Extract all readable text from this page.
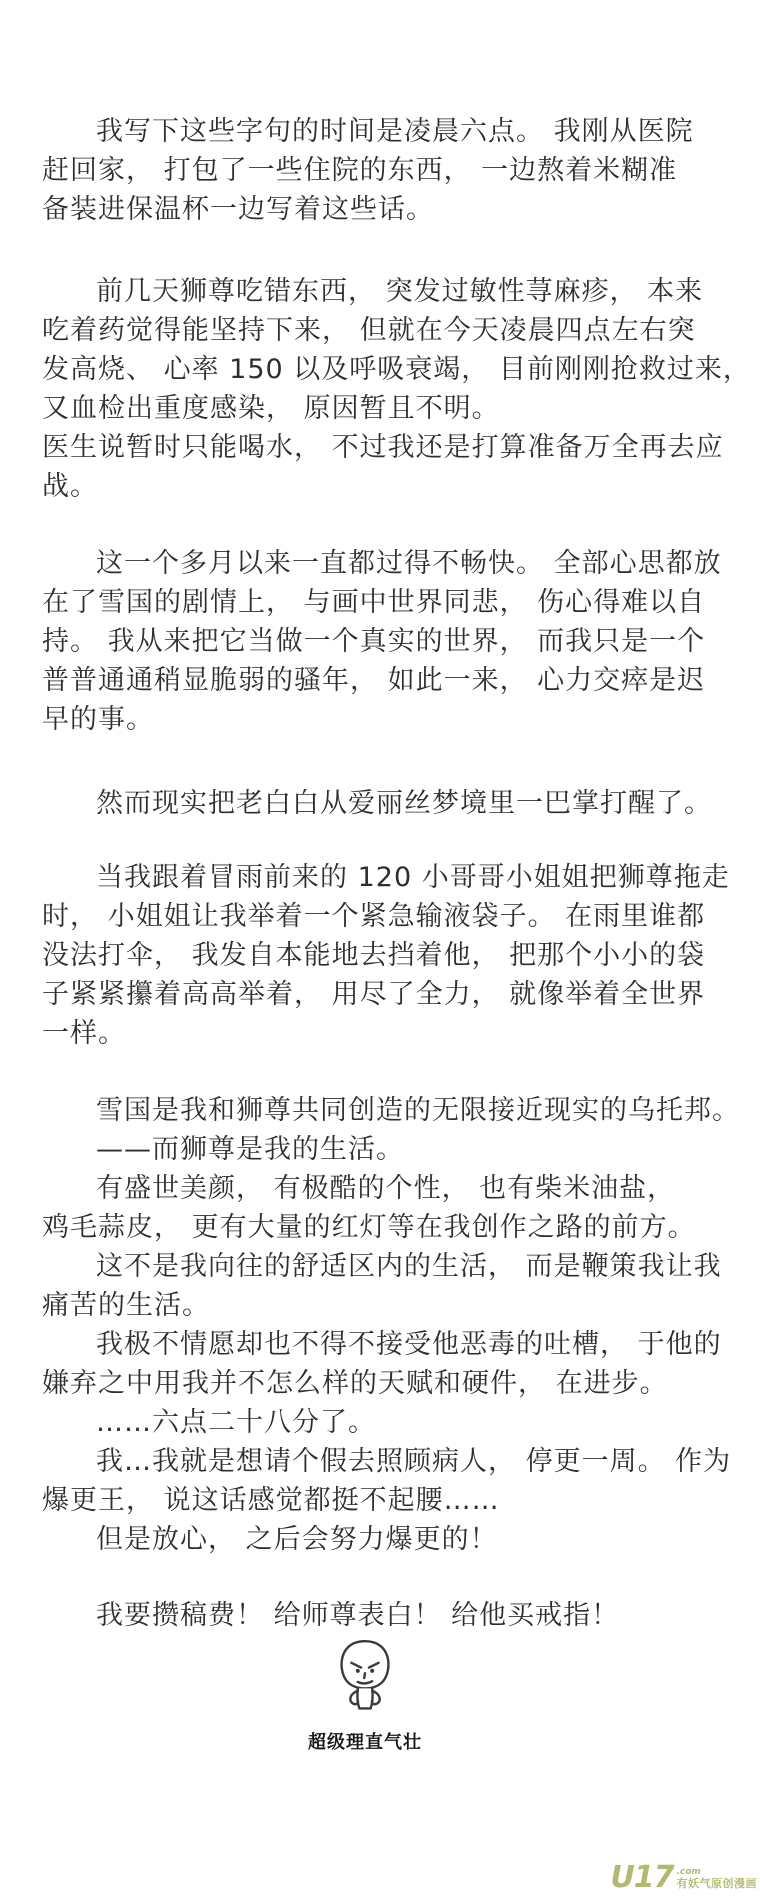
我写下这些字句的时间是凌晨六点。 我刚从医院
赶回家， 打包了一些住院的东西， 一边熬着米糊准
备装进保温杯一边写着这些话。
前几天狮尊吃错东西， 突发过敏性荨麻疹， 本来
吃着药觉得能坚持下来， 但就在今天凌晨四点左右突
发高烧、 心率 150 以及呼吸衰竭， 目前刚刚抢救过来，
又血检出重度感染， 原因暂且不明。
医生说暂时只能喝水， 不过我还是打算准备万全再去应
战。
这一个多月以来一直都过得不畅快。 全部心思都放
在了雪国的剧情上， 与画中世界同悲， 伤心得难以自
持。 我从来把它当做一个真实的世界， 而我只是一个
普普通通稍显脆弱的骚年， 如此一来， 心力交瘁是迟
早的事。
然而现实把老白白从爱丽丝梦境里一巴掌打醒了。
当我跟着冒雨前来的 120 小哥哥小姐姐把狮尊拖走
时， 小姐姐让我举着一个紧急输液袋子。 在雨里谁都
没法打伞， 我发自本能地去挡着他， 把那个小小的袋
子紧紧攥着高高举着， 用尽了全力， 就像举着全世界
一样。
雪国是我和狮尊共同创造的无限接近现实的乌托邦。
——而狮尊是我的生活。
有盛世美颜， 有极酷的个性， 也有柴米油盐，
鸡毛蒜皮， 更有大量的红灯等在我创作之路的前方。
这不是我向往的舒适区内的生活， 而是鞭策我让我
痛苦的生活。
我极不情愿却也不得不接受他恶毒的吐槽， 于他的
嫌弃之中用我并不怎么样的天赋和硬件， 在进步。
……六点二十八分了。
我…我就是想请个假去照顾病人， 停更一周。 作为
爆更王， 说这话感觉都挺不起腰……
但是放心， 之后会努力爆更的！
我要攒稿费！ 给师尊表白！ 给他买戒指！
超级理直气壮
U17 .com
有妖气原创漫画
